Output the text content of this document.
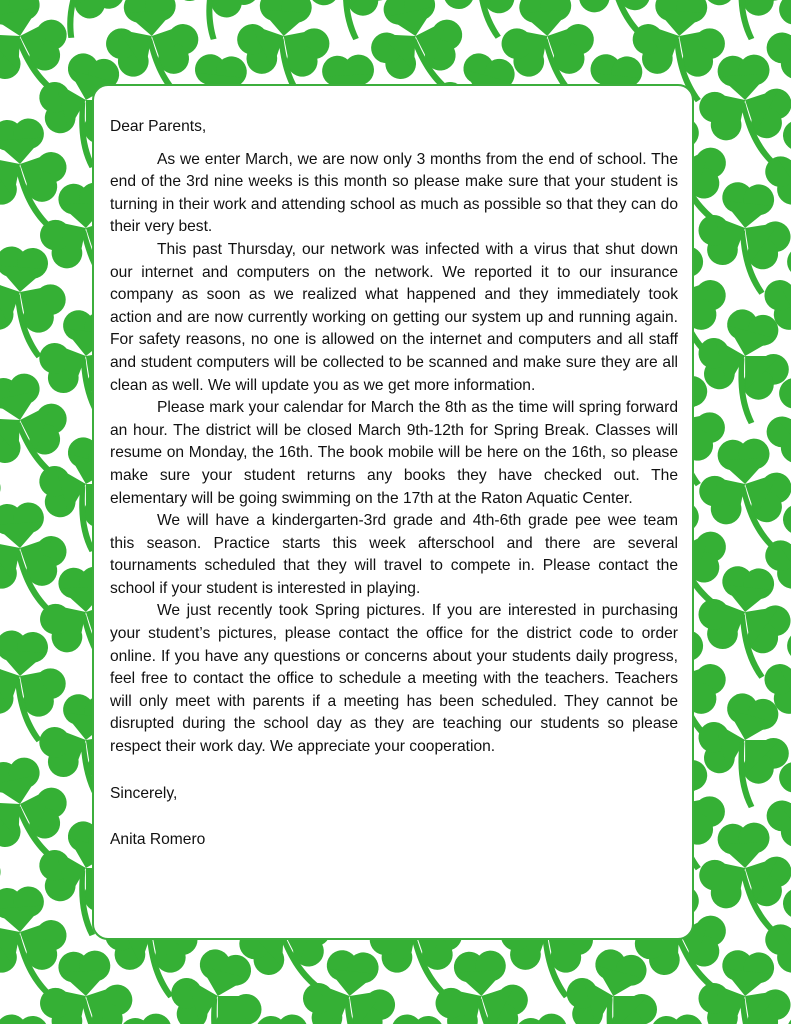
Dear Parents,

As we enter March, we are now only 3 months from the end of school. The end of the 3rd nine weeks is this month so please make sure that your student is turning in their work and attending school as much as possible so that they can do their very best.

This past Thursday, our network was infected with a virus that shut down our internet and computers on the network. We reported it to our insurance company as soon as we realized what happened and they immediately took action and are now currently working on getting our system up and running again. For safety reasons, no one is allowed on the internet and computers and all staff and student computers will be collected to be scanned and make sure they are all clean as well. We will update you as we get more information.

Please mark your calendar for March the 8th as the time will spring forward an hour. The district will be closed March 9th-12th for Spring Break. Classes will resume on Monday, the 16th. The book mobile will be here on the 16th, so please make sure your student returns any books they have checked out. The elementary will be going swimming on the 17th at the Raton Aquatic Center.

We will have a kindergarten-3rd grade and 4th-6th grade pee wee team this season. Practice starts this week afterschool and there are several tournaments scheduled that they will travel to compete in. Please contact the school if your student is interested in playing.

We just recently took Spring pictures. If you are interested in purchasing your student’s pictures, please contact the office for the district code to order online. If you have any questions or concerns about your students daily progress, feel free to contact the office to schedule a meeting with the teachers. Teachers will only meet with parents if a meeting has been scheduled. They cannot be disrupted during the school day as they are teaching our students so please respect their work day. We appreciate your cooperation.

Sincerely,

Anita Romero
